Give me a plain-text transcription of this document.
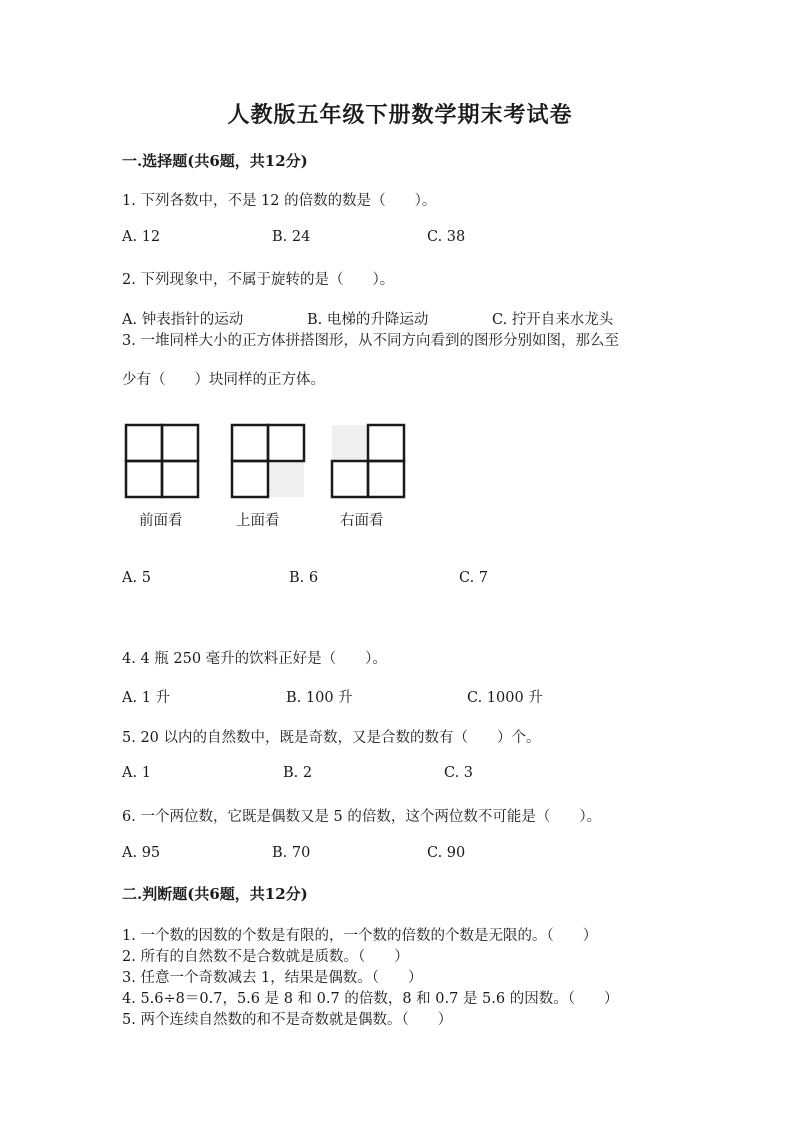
人教版五年级下册数学期末考试卷
一.选择题(共6题，共12分)
1. 下列各数中，不是 12 的倍数的数是（　　）。
A. 12	B. 24	C. 38
2. 下列现象中，不属于旋转的是（　　）。
A. 钟表指针的运动	B. 电梯的升降运动	C. 拧开自来水龙头
3. 一堆同样大小的正方体拼搭图形，从不同方向看到的图形分别如图，那么至
少有（　　）块同样的正方体。
前面看	上面看	右面看
A. 5	B. 6	C. 7
4. 4 瓶 250 毫升的饮料正好是（　　）。
A. 1 升	B. 100 升	C. 1000 升
5. 20 以内的自然数中，既是奇数，又是合数的数有（　　）个。
A. 1	B. 2	C. 3
6. 一个两位数，它既是偶数又是 5 的倍数，这个两位数不可能是（　　）。
A. 95	B. 70	C. 90
二.判断题(共6题，共12分)
1. 一个数的因数的个数是有限的，一个数的倍数的个数是无限的。（　　）
2. 所有的自然数不是合数就是质数。（　　）
3. 任意一个奇数减去 1，结果是偶数。（　　）
4. 5.6÷8＝0.7，5.6 是 8 和 0.7 的倍数，8 和 0.7 是 5.6 的因数。（　　）
5. 两个连续自然数的和不是奇数就是偶数。（　　）
